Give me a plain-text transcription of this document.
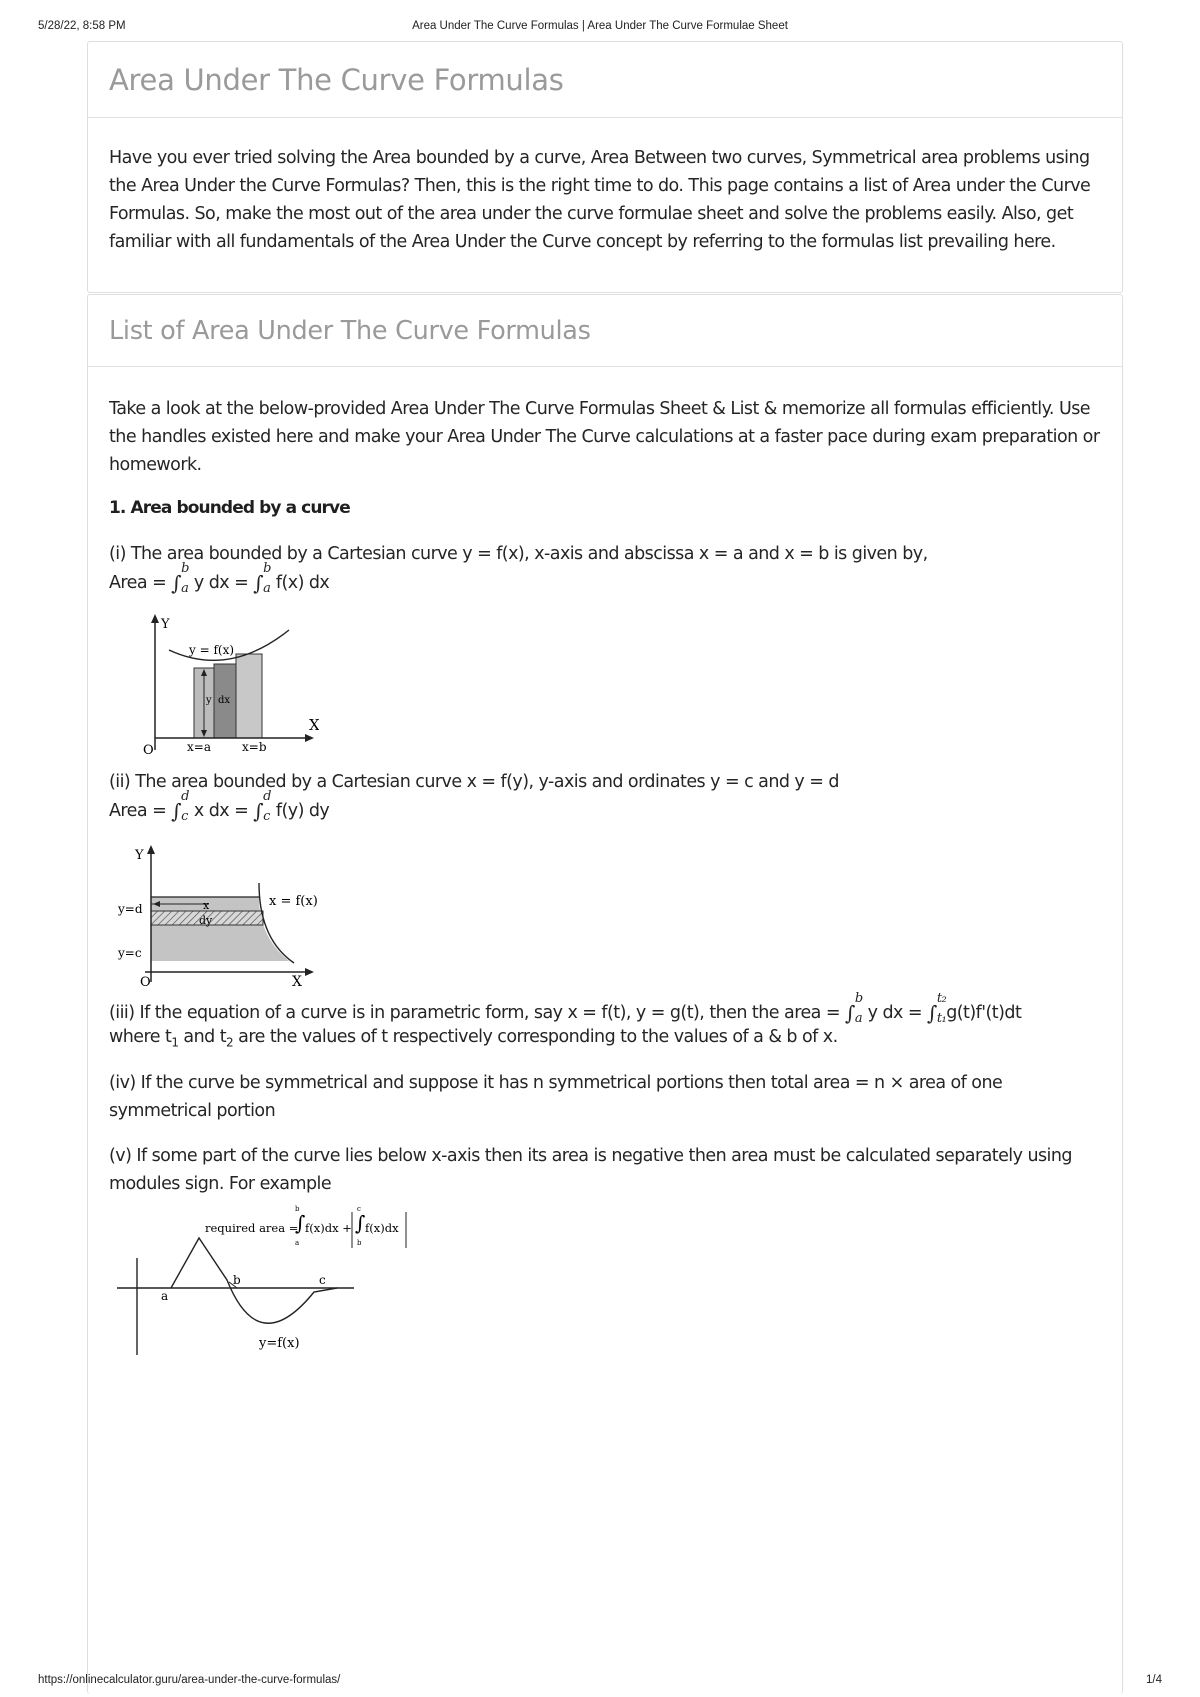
5/28/22, 8:58 PM	Area Under The Curve Formulas | Area Under The Curve Formulae Sheet
Area Under The Curve Formulas

Have you ever tried solving the Area bounded by a curve, Area Between two curves, Symmetrical area problems using the Area Under the Curve Formulas? Then, this is the right time to do. This page contains a list of Area under the Curve Formulas. So, make the most out of the area under the curve formulae sheet and solve the problems easily. Also, get familiar with all fundamentals of the Area Under the Curve concept by referring to the formulas list prevailing here.

List of Area Under The Curve Formulas

Take a look at the below-provided Area Under The Curve Formulas Sheet & List & memorize all formulas efficiently. Use the handles existed here and make your Area Under The Curve calculations at a faster pace during exam preparation or homework.

1. Area bounded by a curve

(i) The area bounded by a Cartesian curve y = f(x), x-axis and abscissa x = a and x = b is given by,

Area = ∫
b
a y dx = ∫
b
a f(x) dx

Y
X
O
y = f(x)
y dx
x=a	x=b

(ii) The area bounded by a Cartesian curve x = f(y), y-axis and ordinates y = c and y = d

Area = ∫
d
c x dx = ∫
d
c f(y) dy

Y
X
O
x = f(x)
x
dy
y=d
y=c

(iii) If the equation of a curve is in parametric form, say x = f(t), y = g(t), then the area = ∫
b
a y dx = ∫
t₂
t₁ g(t)f'(t)dt

where $t_1$ and $t_2$ are the values of t respectively corresponding to the values of a & b of x.

(iv) If the curve be symmetrical and suppose it has n symmetrical portions then total area = n × area of one symmetrical portion

(v) If some part of the curve lies below x-axis then its area is negative then area must be calculated separately using modules sign. For example

required area =
∫
b
a
f(x)dx + ∫
c
b
f(x)dx
a
b	c
y=f(x)
https://onlinecalculator.guru/area-under-the-curve-formulas/	1/4
